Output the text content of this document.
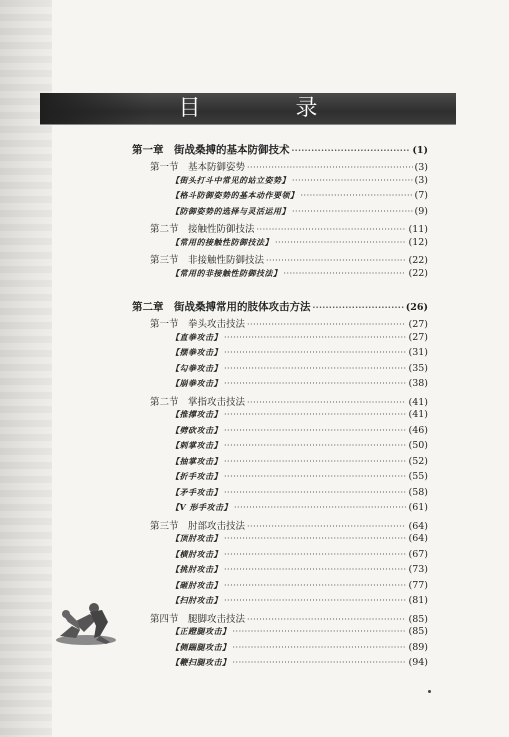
目 录
第一章　街战桑搏的基本防御技术 ·····	(1)
第一节　基本防御姿势 ·····	(3)
【街头打斗中常见的站立姿势】 ·····	(3)
【格斗防御姿势的基本动作要领】 ·····	(7)
【防御姿势的选择与灵活运用】 ·····	(9)
第二节　接触性防御技法 ·····	(11)
【常用的接触性防御技法】 ·····	(12)
第三节　非接触性防御技法 ·····	(22)
【常用的非接触性防御技法】 ·····	(22)
第二章　街战桑搏常用的肢体攻击方法 ·····	(26)
第一节　拳头攻击技法 ·····	(27)
【直拳攻击】 ·····	(27)
【摆拳攻击】 ·····	(31)
【勾拳攻击】 ·····	(35)
【崩拳攻击】 ·····	(38)
第二节　掌指攻击技法 ·····	(41)
【推撑攻击】 ·····	(41)
【劈砍攻击】 ·····	(46)
【刺掌攻击】 ·····	(50)
【抽掌攻击】 ·····	(52)
【折手攻击】 ·····	(55)
【矛手攻击】 ·····	(58)
【V 形手攻击】 ·····	(61)
第三节　肘部攻击技法 ·····	(64)
【顶肘攻击】 ·····	(64)
【横肘攻击】 ·····	(67)
【挑肘攻击】 ·····	(73)
【砸肘攻击】 ·····	(77)
【扫肘攻击】 ·····	(81)
第四节　腿脚攻击技法 ·····	(85)
【正蹬腿攻击】 ·····	(85)
【侧踹腿攻击】 ·····	(89)
【鞭扫腿攻击】 ·····	(94)
